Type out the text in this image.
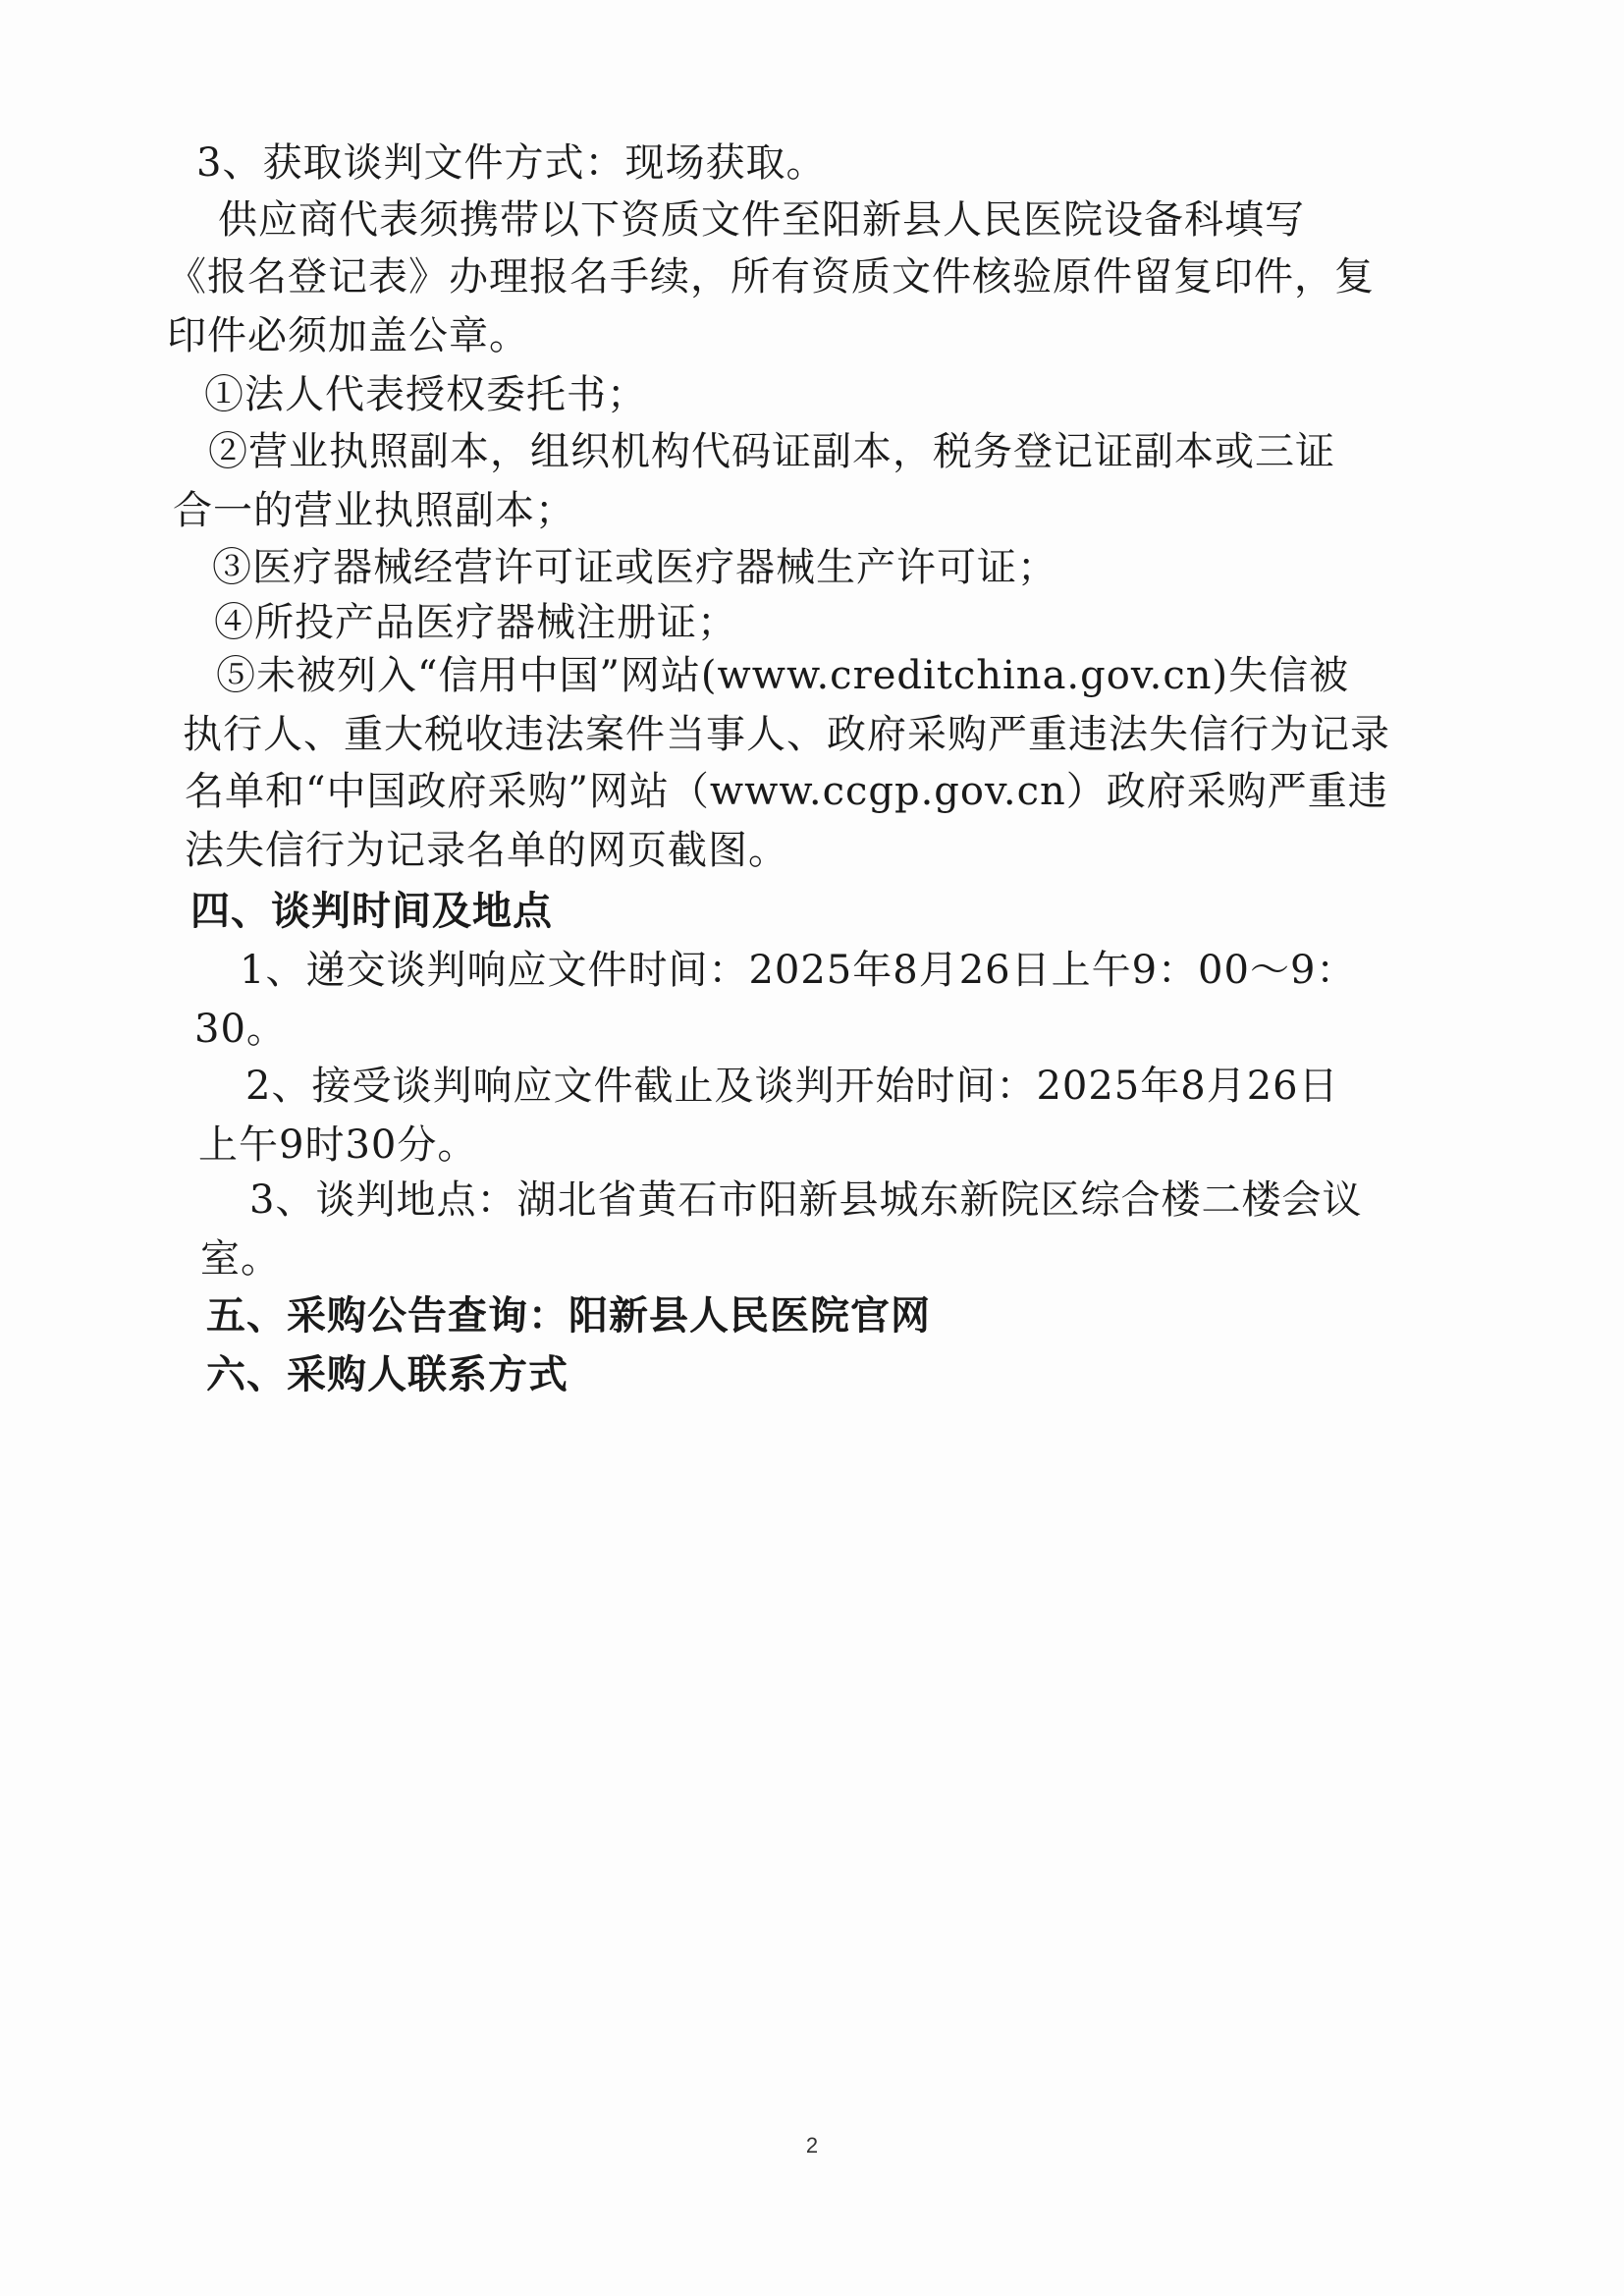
3、获取谈判文件方式：现场获取。
供应商代表须携带以下资质文件至阳新县人民医院设备科填写
《报名登记表》办理报名手续，所有资质文件核验原件留复印件，复
印件必须加盖公章。
①法人代表授权委托书；
②营业执照副本，组织机构代码证副本，税务登记证副本或三证
合一的营业执照副本；
③医疗器械经营许可证或医疗器械生产许可证；
④所投产品医疗器械注册证；
⑤未被列入“信用中国”网站(www.creditchina.gov.cn)失信被
执行人、重大税收违法案件当事人、政府采购严重违法失信行为记录
名单和“中国政府采购”网站（www.ccgp.gov.cn）政府采购严重违
法失信行为记录名单的网页截图。
四、谈判时间及地点
1、递交谈判响应文件时间：2025年8月26日上午9：00～9：
30。
2、接受谈判响应文件截止及谈判开始时间：2025年8月26日
上午9时30分。
3、谈判地点：湖北省黄石市阳新县城东新院区综合楼二楼会议
室。
五、采购公告查询：阳新县人民医院官网
六、采购人联系方式
2
